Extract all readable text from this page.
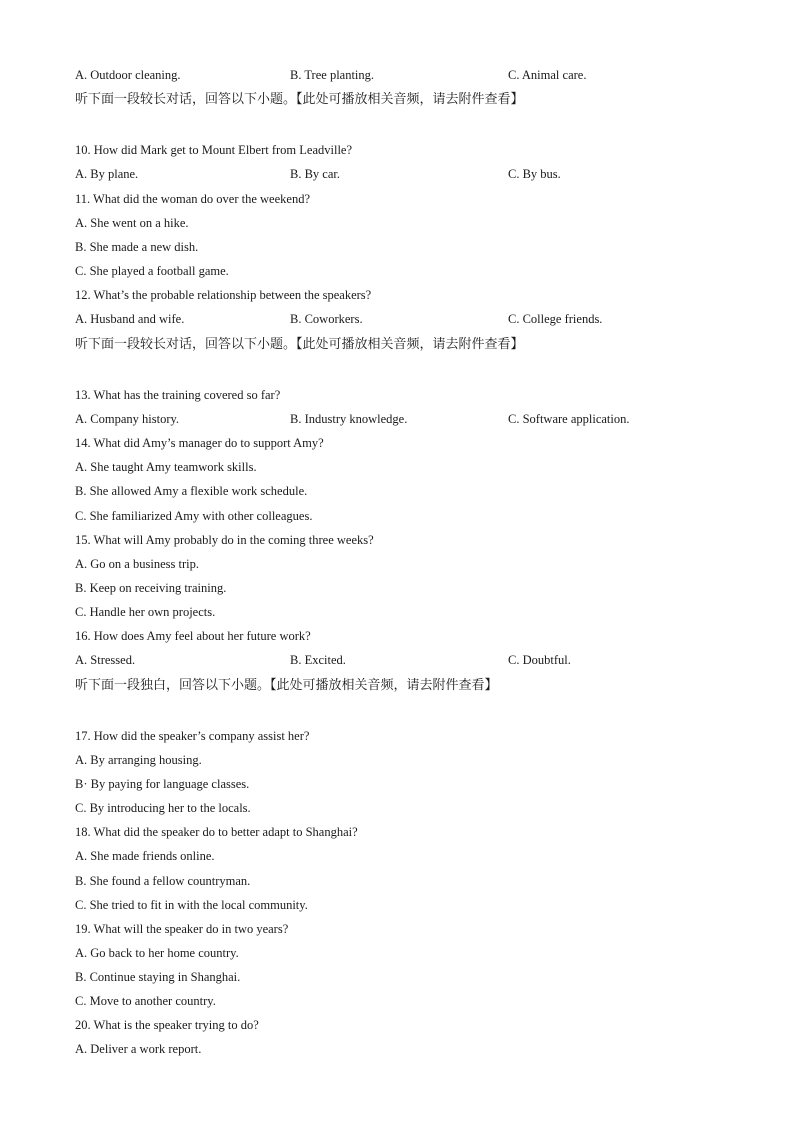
A. Outdoor cleaning.	B. Tree planting.	C. Animal care.
听下面一段较长对话，回答以下小题。【此处可播放相关音频，请去附件查看】
10. How did Mark get to Mount Elbert from Leadville?
A. By plane.	B. By car.	C. By bus.
11. What did the woman do over the weekend?
A. She went on a hike.
B. She made a new dish.
C. She played a football game.
12. What’s the probable relationship between the speakers?
A. Husband and wife.	B. Coworkers.	C. College friends.
听下面一段较长对话，回答以下小题。【此处可播放相关音频，请去附件查看】
13. What has the training covered so far?
A. Company history.	B. Industry knowledge.	C. Software application.
14. What did Amy’s manager do to support Amy?
A. She taught Amy teamwork skills.
B. She allowed Amy a flexible work schedule.
C. She familiarized Amy with other colleagues.
15. What will Amy probably do in the coming three weeks?
A. Go on a business trip.
B. Keep on receiving training.
C. Handle her own projects.
16. How does Amy feel about her future work?
A. Stressed.	B. Excited.	C. Doubtful.
听下面一段独白，回答以下小题。【此处可播放相关音频，请去附件查看】
17. How did the speaker’s company assist her?
A. By arranging housing.
B· By paying for language classes.
C. By introducing her to the locals.
18. What did the speaker do to better adapt to Shanghai?
A. She made friends online.
B. She found a fellow countryman.
C. She tried to fit in with the local community.
19. What will the speaker do in two years?
A. Go back to her home country.
B. Continue staying in Shanghai.
C. Move to another country.
20. What is the speaker trying to do?
A. Deliver a work report.
